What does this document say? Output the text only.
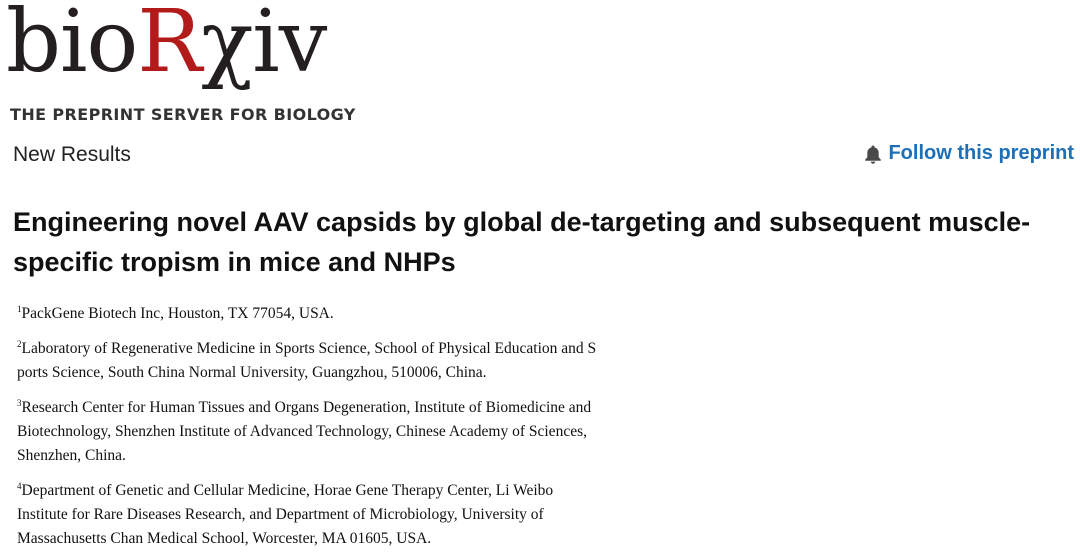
bioRχiv
THE PREPRINT SERVER FOR BIOLOGY
New Results	Follow this preprint
Engineering novel AAV capsids by global de-targeting and subsequent muscle-
specific tropism in mice and NHPs
$^1$PackGene Biotech Inc, Houston, TX 77054, USA.
$^2$Laboratory of Regenerative Medicine in Sports Science, School of Physical Education and S
ports Science, South China Normal University, Guangzhou, 510006, China.
$^3$Research Center for Human Tissues and Organs Degeneration, Institute of Biomedicine and
Biotechnology, Shenzhen Institute of Advanced Technology, Chinese Academy of Sciences,
Shenzhen, China.
$^4$Department of Genetic and Cellular Medicine, Horae Gene Therapy Center, Li Weibo
Institute for Rare Diseases Research, and Department of Microbiology, University of
Massachusetts Chan Medical School, Worcester, MA 01605, USA.
